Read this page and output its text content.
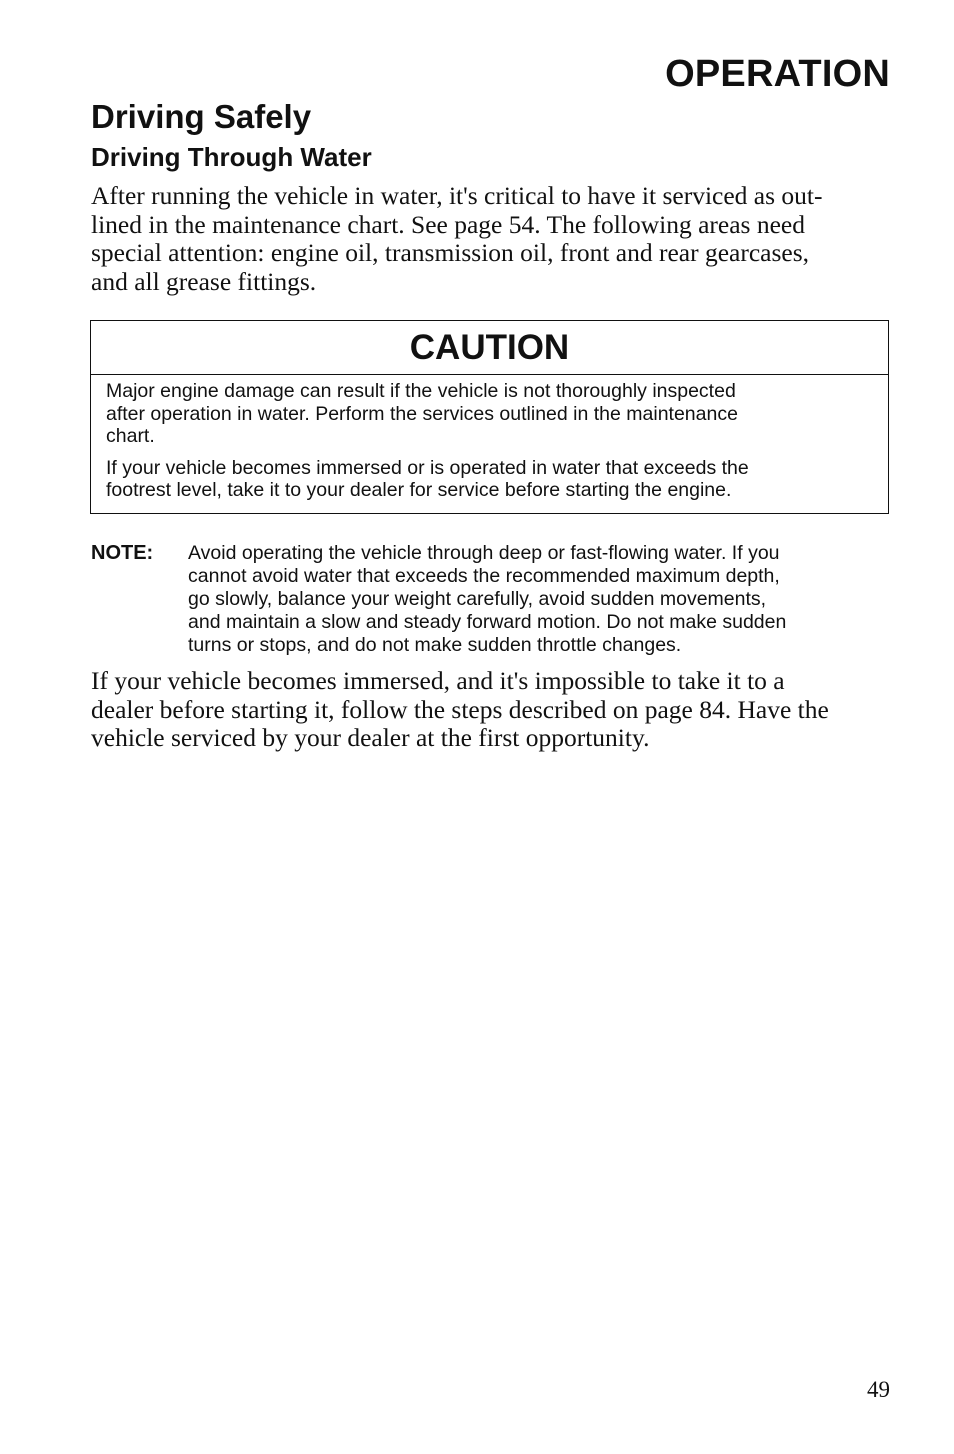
OPERATION
Driving Safely
Driving Through Water

After running the vehicle in water, it's critical to have it serviced as out-
lined in the maintenance chart. See page 54. The following areas need
special attention: engine oil, transmission oil, front and rear gearcases,
and all grease fittings.

CAUTION

Major engine damage can result if the vehicle is not thoroughly inspected
after operation in water. Perform the services outlined in the maintenance
chart.

If your vehicle becomes immersed or is operated in water that exceeds the
footrest level, take it to your dealer for service before starting the engine.

NOTE: Avoid operating the vehicle through deep or fast-flowing water. If you
cannot avoid water that exceeds the recommended maximum depth,
go slowly, balance your weight carefully, avoid sudden movements,
and maintain a slow and steady forward motion. Do not make sudden
turns or stops, and do not make sudden throttle changes.

If your vehicle becomes immersed, and it's impossible to take it to a
dealer before starting it, follow the steps described on page 84. Have the
vehicle serviced by your dealer at the first opportunity.

49
